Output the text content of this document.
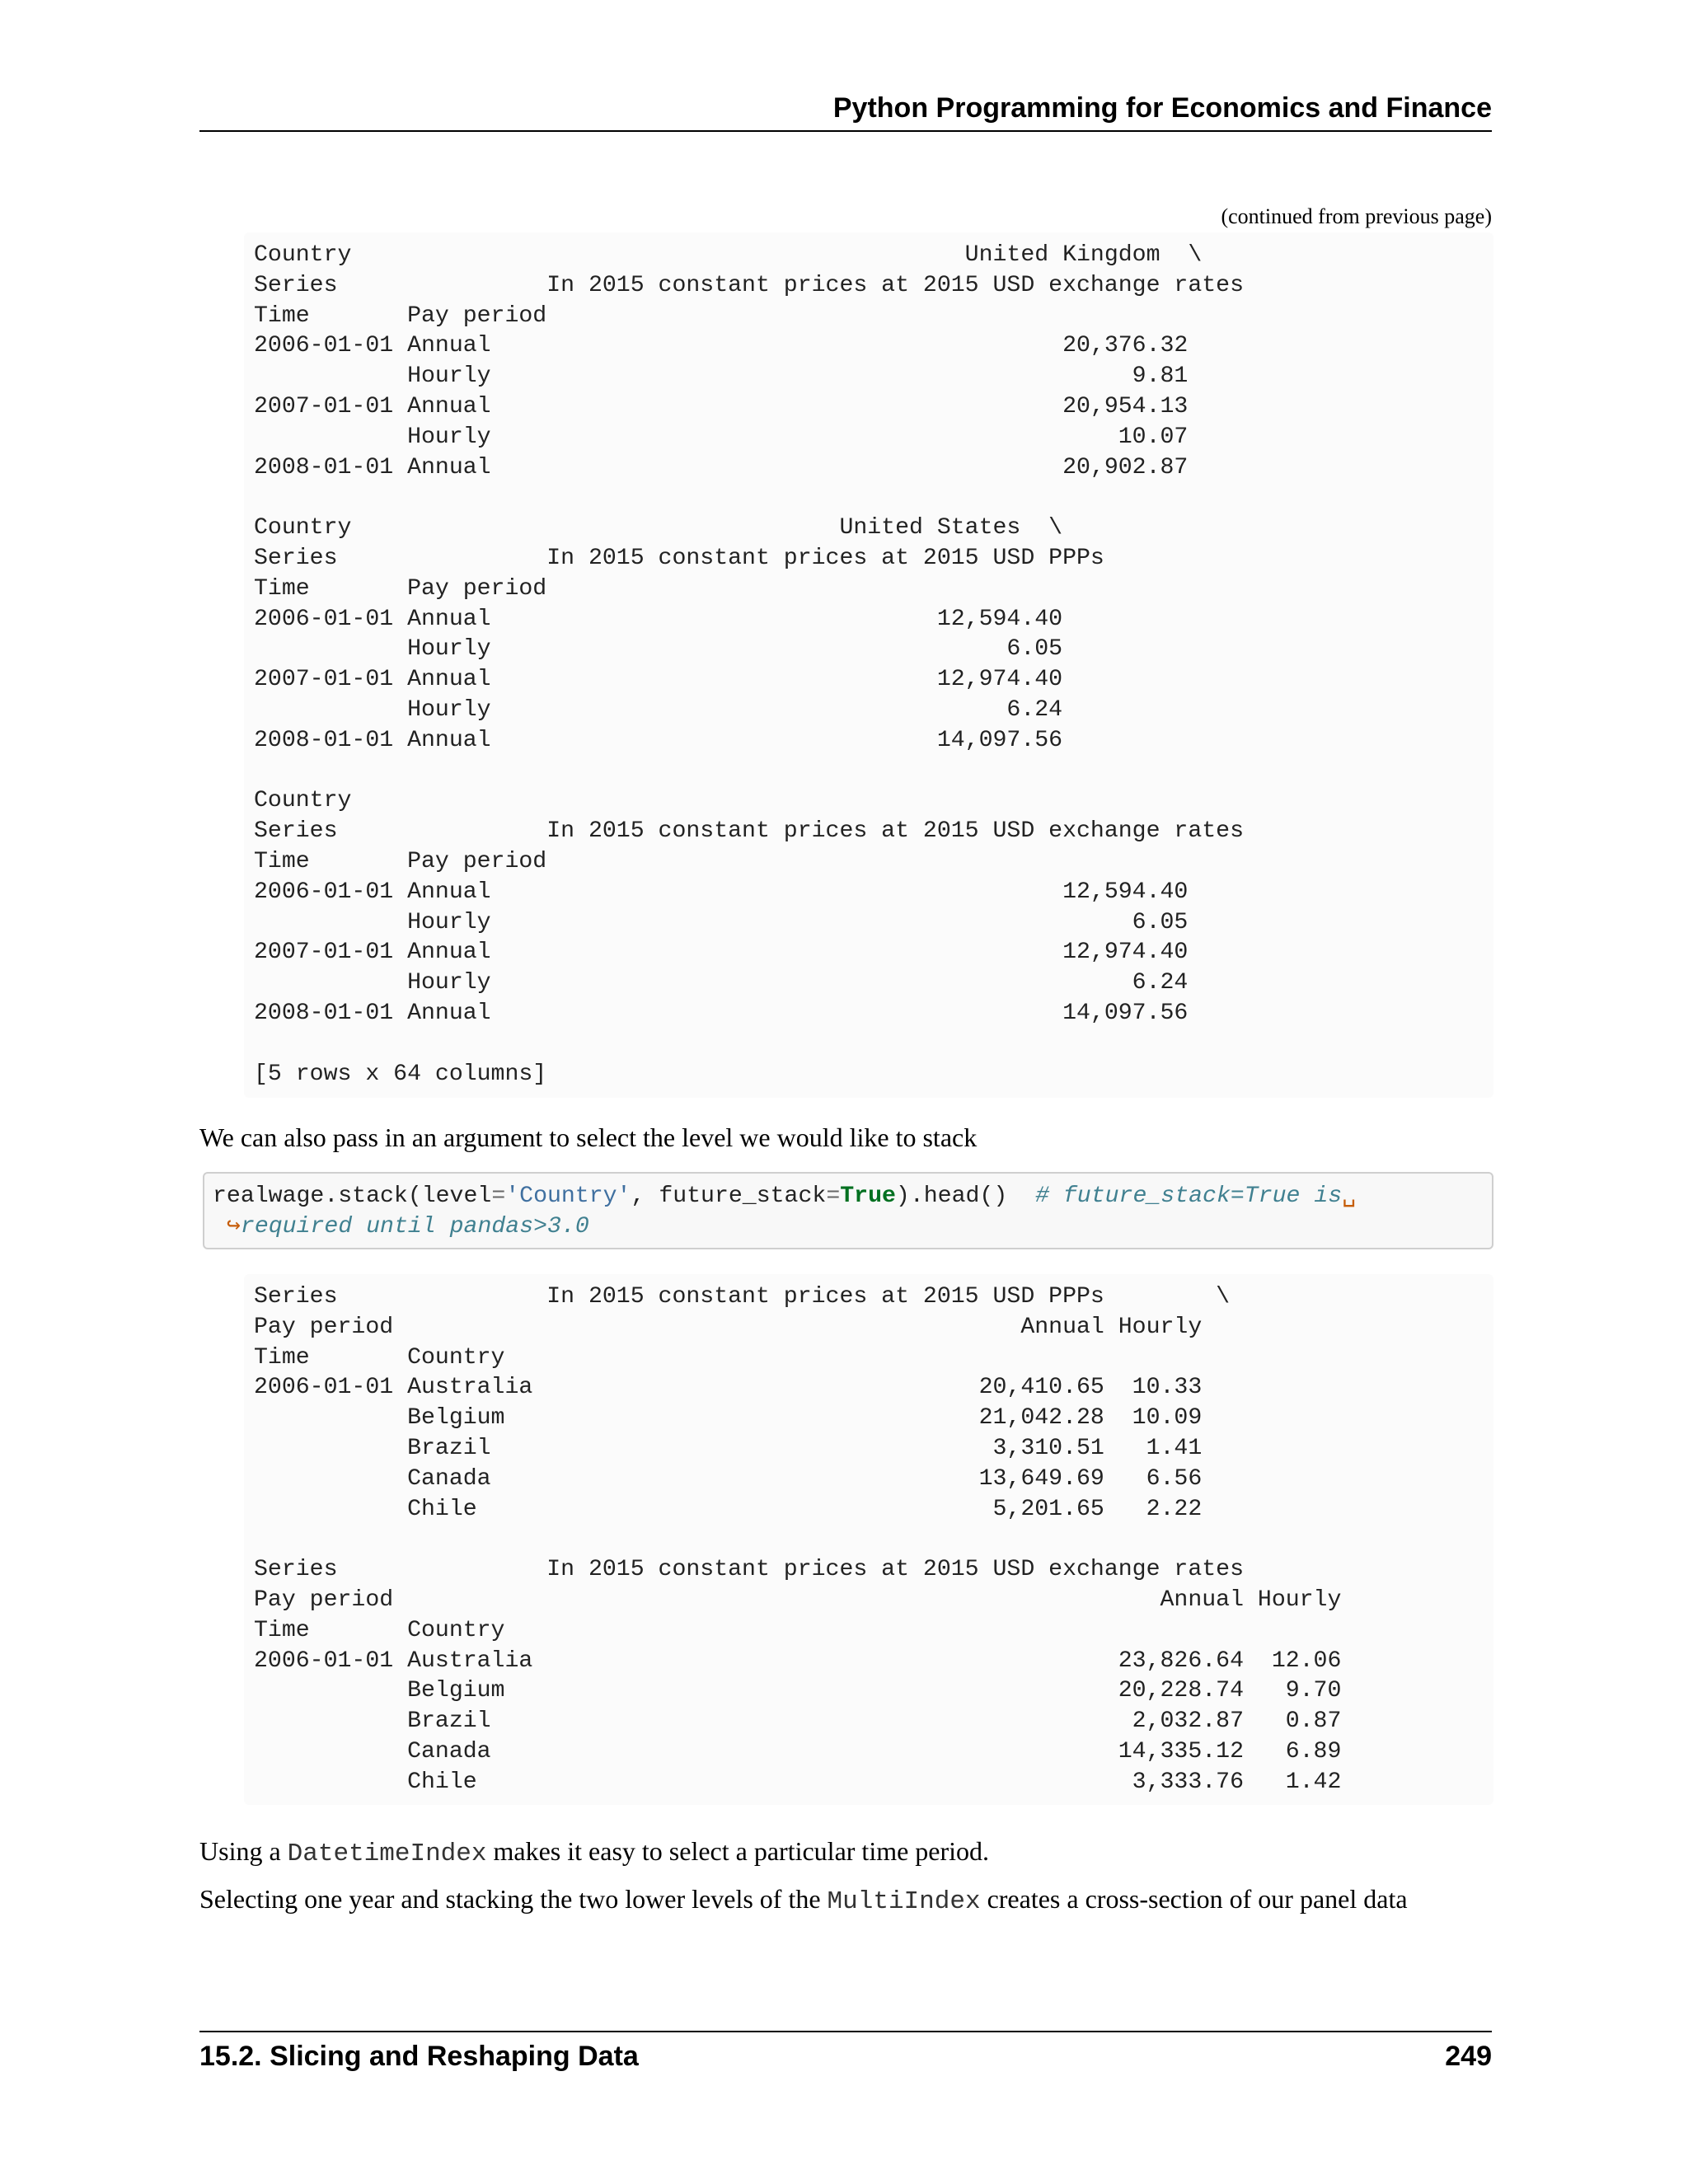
Python Programming for Economics and Finance
(continued from previous page)
Country                                            United Kingdom  \
Series               In 2015 constant prices at 2015 USD exchange rates
Time       Pay period
2006-01-01 Annual                                         20,376.32
Hourly                                              9.81
2007-01-01 Annual                                         20,954.13
Hourly                                             10.07
2008-01-01 Annual                                         20,902.87

Country                                   United States  \
Series               In 2015 constant prices at 2015 USD PPPs
Time       Pay period
2006-01-01 Annual                                12,594.40
Hourly                                     6.05
2007-01-01 Annual                                12,974.40
Hourly                                     6.24
2008-01-01 Annual                                14,097.56

Country
Series               In 2015 constant prices at 2015 USD exchange rates
Time       Pay period
2006-01-01 Annual                                         12,594.40
Hourly                                              6.05
2007-01-01 Annual                                         12,974.40
Hourly                                              6.24
2008-01-01 Annual                                         14,097.56

[5 rows x 64 columns]
We can also pass in an argument to select the level we would like to stack
realwage.stack(level='Country', future_stack=True).head()  # future_stack=True is␣
↪required until pandas>3.0
Series               In 2015 constant prices at 2015 USD PPPs        \
Pay period                                             Annual Hourly
Time       Country
2006-01-01 Australia                                20,410.65  10.33
Belgium                                  21,042.28  10.09
Brazil                                    3,310.51   1.41
Canada                                   13,649.69   6.56
Chile                                     5,201.65   2.22

Series               In 2015 constant prices at 2015 USD exchange rates
Pay period                                                       Annual Hourly
Time       Country
2006-01-01 Australia                                          23,826.64  12.06
Belgium                                            20,228.74   9.70
Brazil                                              2,032.87   0.87
Canada                                             14,335.12   6.89
Chile                                               3,333.76   1.42
Using a DatetimeIndex makes it easy to select a particular time period.
Selecting one year and stacking the two lower levels of the MultiIndex creates a cross-section of our panel data
15.2. Slicing and Reshaping Data	249
